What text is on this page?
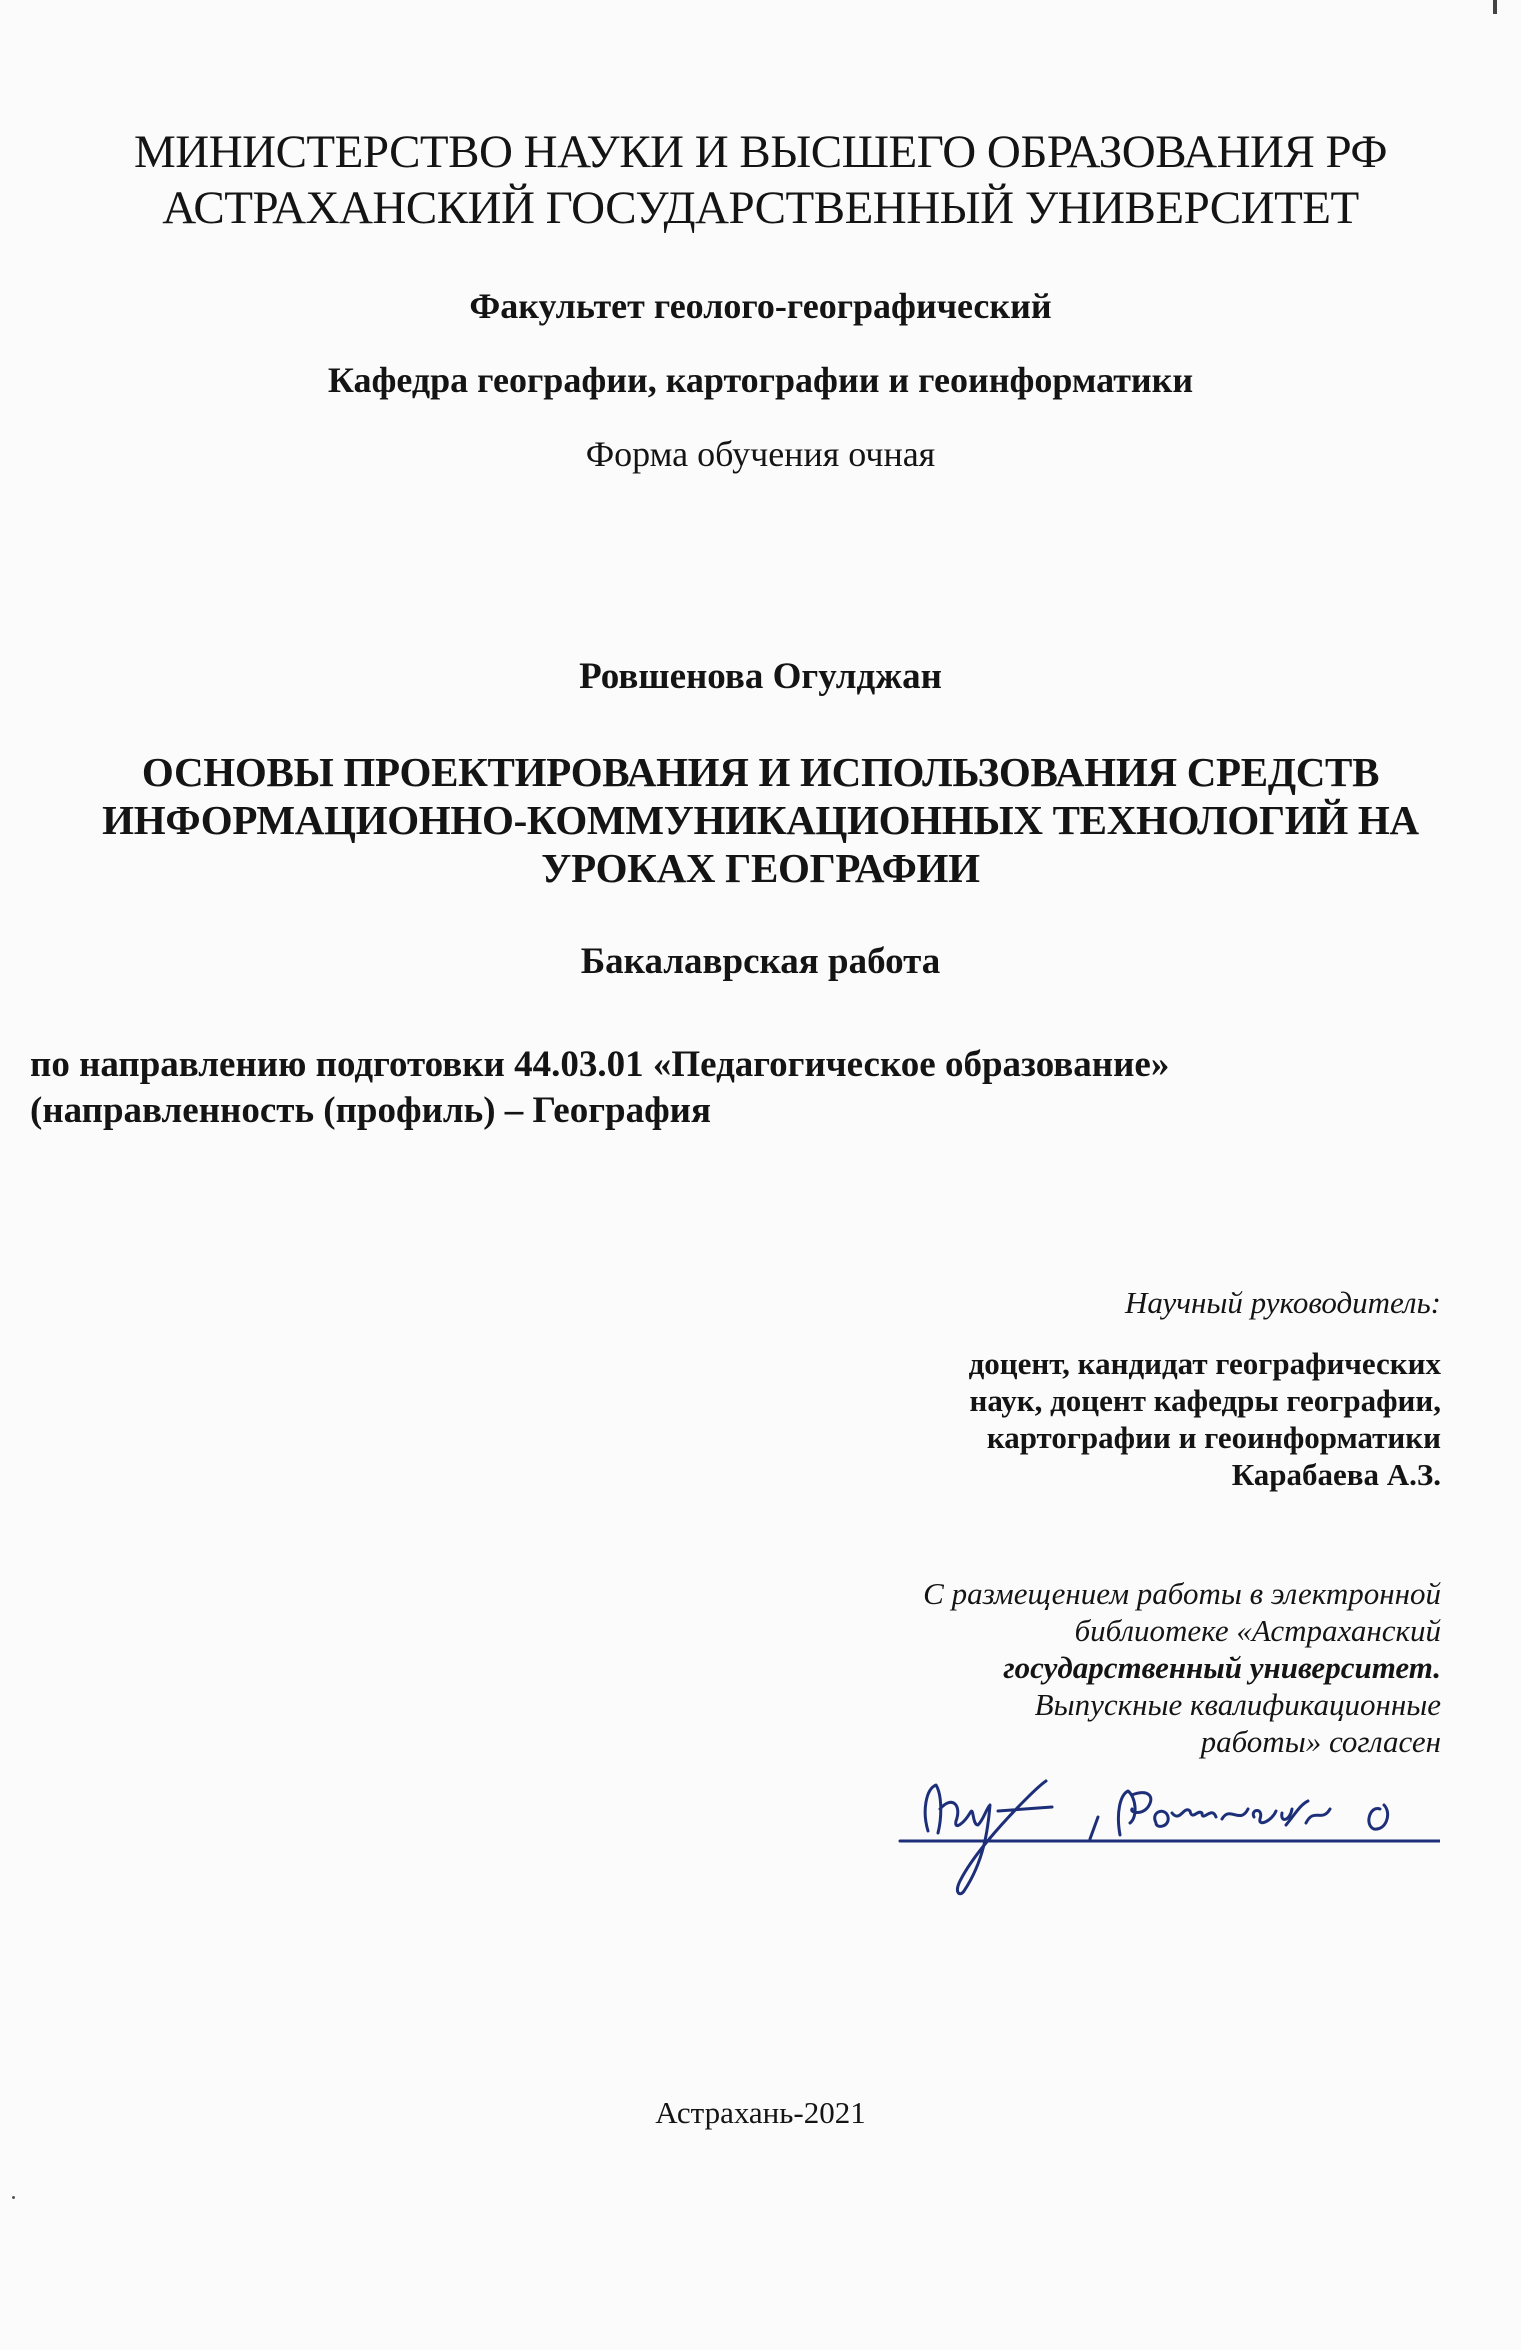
МИНИСТЕРСТВО НАУКИ И ВЫСШЕГО ОБРАЗОВАНИЯ РФ
АСТРАХАНСКИЙ ГОСУДАРСТВЕННЫЙ УНИВЕРСИТЕТ
Факультет геолого-географический
Кафедра географии, картографии и геоинформатики
Форма обучения очная
Ровшенова Огулджан
ОСНОВЫ ПРОЕКТИРОВАНИЯ И ИСПОЛЬЗОВАНИЯ СРЕДСТВ
ИНФОРМАЦИОННО-КОММУНИКАЦИОННЫХ ТЕХНОЛОГИЙ НА
УРОКАХ ГЕОГРАФИИ
Бакалаврская работа
по направлению подготовки 44.03.01 «Педагогическое образование»
(направленность (профиль) – География
Научный руководитель:
доцент, кандидат географических
наук, доцент кафедры географии,
картографии и геоинформатики
Карабаева А.З.
С размещением работы в электронной
библиотеке «Астраханский
государственный университет.
Выпускные квалификационные
работы» согласен
Астрахань-2021
